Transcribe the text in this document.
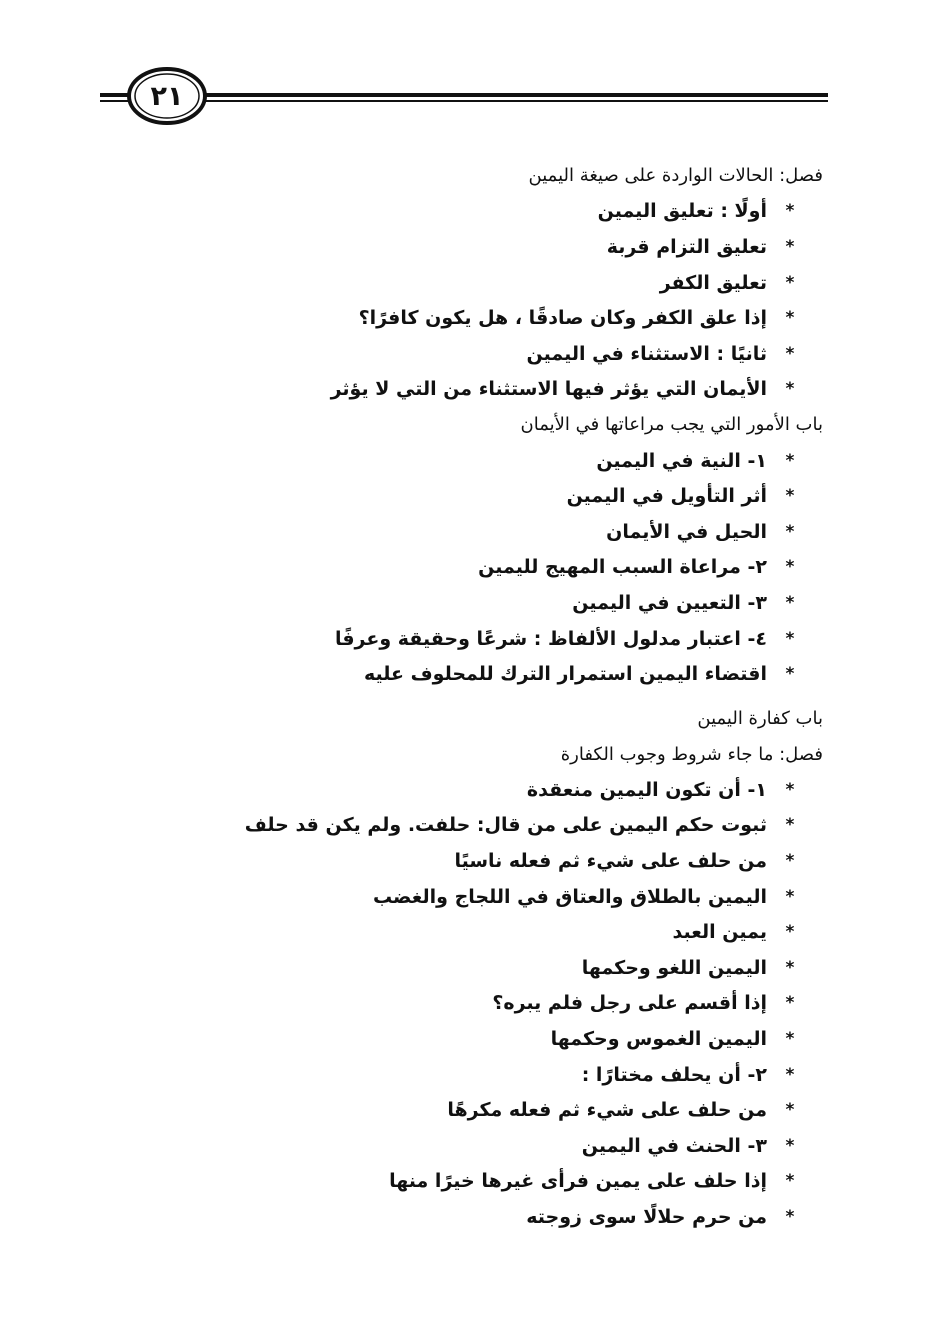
٢١
فصل: الحالات الواردة على صيغة اليمين
*
أولًا : تعليق اليمين
*
تعليق التزام قربة
*
تعليق الكفر
*
إذا علق الكفر وكان صادقًا ، هل يكون كافرًا؟
*
ثانيًا : الاستثناء في اليمين
*
الأيمان التي يؤثر فيها الاستثناء من التي لا يؤثر
باب الأمور التي يجب مراعاتها في الأيمان
*
١- النية في اليمين
*
أثر التأويل في اليمين
*
الحيل في الأيمان
*
٢- مراعاة السبب المهيج لليمين
*
٣- التعيين في اليمين
*
٤- اعتبار مدلول الألفاظ : شرعًا وحقيقة وعرفًا
*
اقتضاء اليمين استمرار الترك للمحلوف عليه
باب كفارة اليمين
فصل: ما جاء شروط وجوب الكفارة
*
١- أن تكون اليمين منعقدة
*
ثبوت حكم اليمين على من قال: حلفت. ولم يكن قد حلف
*
من حلف على شيء ثم فعله ناسيًا
*
اليمين بالطلاق والعتاق في اللجاج والغضب
*
يمين العبد
*
اليمين اللغو وحكمها
*
إذا أقسم على رجل فلم يبره؟
*
اليمين الغموس وحكمها
*
٢- أن يحلف مختارًا :
*
من حلف على شيء ثم فعله مكرهًا
*
٣- الحنث في اليمين
*
إذا حلف على يمين فرأى غيرها خيرًا منها
*
من حرم حلالًا سوى زوجته
